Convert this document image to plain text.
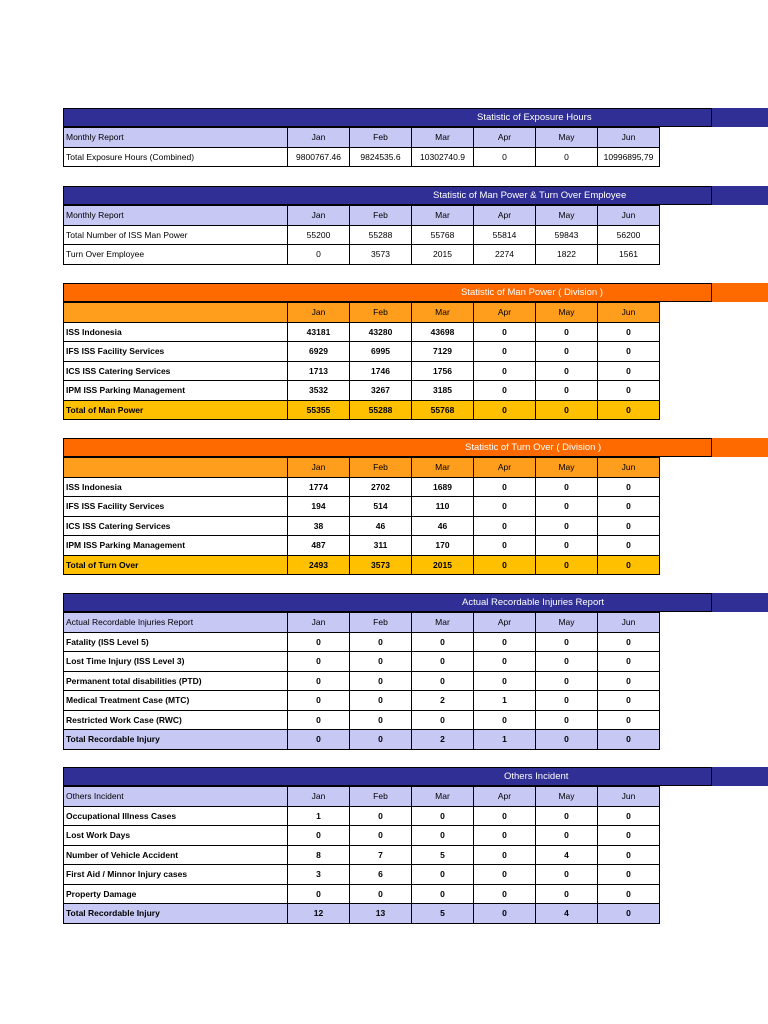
Statistic of Exposure Hours
Monthly Report	Jan	Feb	Mar	Apr	May	Jun
Total Exposure Hours (Combined)	9800767.46	9824535.6	10302740.9	0	0	10996895,79
Statistic of Man Power & Turn Over Employee
Monthly Report	Jan	Feb	Mar	Apr	May	Jun
Total Number of ISS Man Power	55200	55288	55768	55814	59843	56200
Turn Over Employee	0	3573	2015	2274	1822	1561
Statistic of Man Power ( Division )
	Jan	Feb	Mar	Apr	May	Jun
ISS Indonesia	43181	43280	43698	0	0	0
IFS ISS Facility Services	6929	6995	7129	0	0	0
ICS ISS Catering Services	1713	1746	1756	0	0	0
IPM ISS Parking Management	3532	3267	3185	0	0	0
Total of Man Power	55355	55288	55768	0	0	0
Statistic of Turn Over ( Division )
	Jan	Feb	Mar	Apr	May	Jun
ISS Indonesia	1774	2702	1689	0	0	0
IFS ISS Facility Services	194	514	110	0	0	0
ICS ISS Catering Services	38	46	46	0	0	0
IPM ISS Parking Management	487	311	170	0	0	0
Total of Turn Over	2493	3573	2015	0	0	0
Actual Recordable Injuries Report
Actual Recordable Injuries Report	Jan	Feb	Mar	Apr	May	Jun
Fatality (ISS Level 5)	0	0	0	0	0	0
Lost Time Injury (ISS Level 3)	0	0	0	0	0	0
Permanent total disabilities (PTD)	0	0	0	0	0	0
Medical Treatment Case (MTC)	0	0	2	1	0	0
Restricted Work Case (RWC)	0	0	0	0	0	0
Total Recordable Injury	0	0	2	1	0	0
Others Incident
Others Incident	Jan	Feb	Mar	Apr	May	Jun
Occupational Illness Cases	1	0	0	0	0	0
Lost Work Days	0	0	0	0	0	0
Number of Vehicle Accident	8	7	5	0	4	0
First Aid / Minnor Injury cases	3	6	0	0	0	0
Property Damage	0	0	0	0	0	0
Total Recordable Injury	12	13	5	0	4	0
